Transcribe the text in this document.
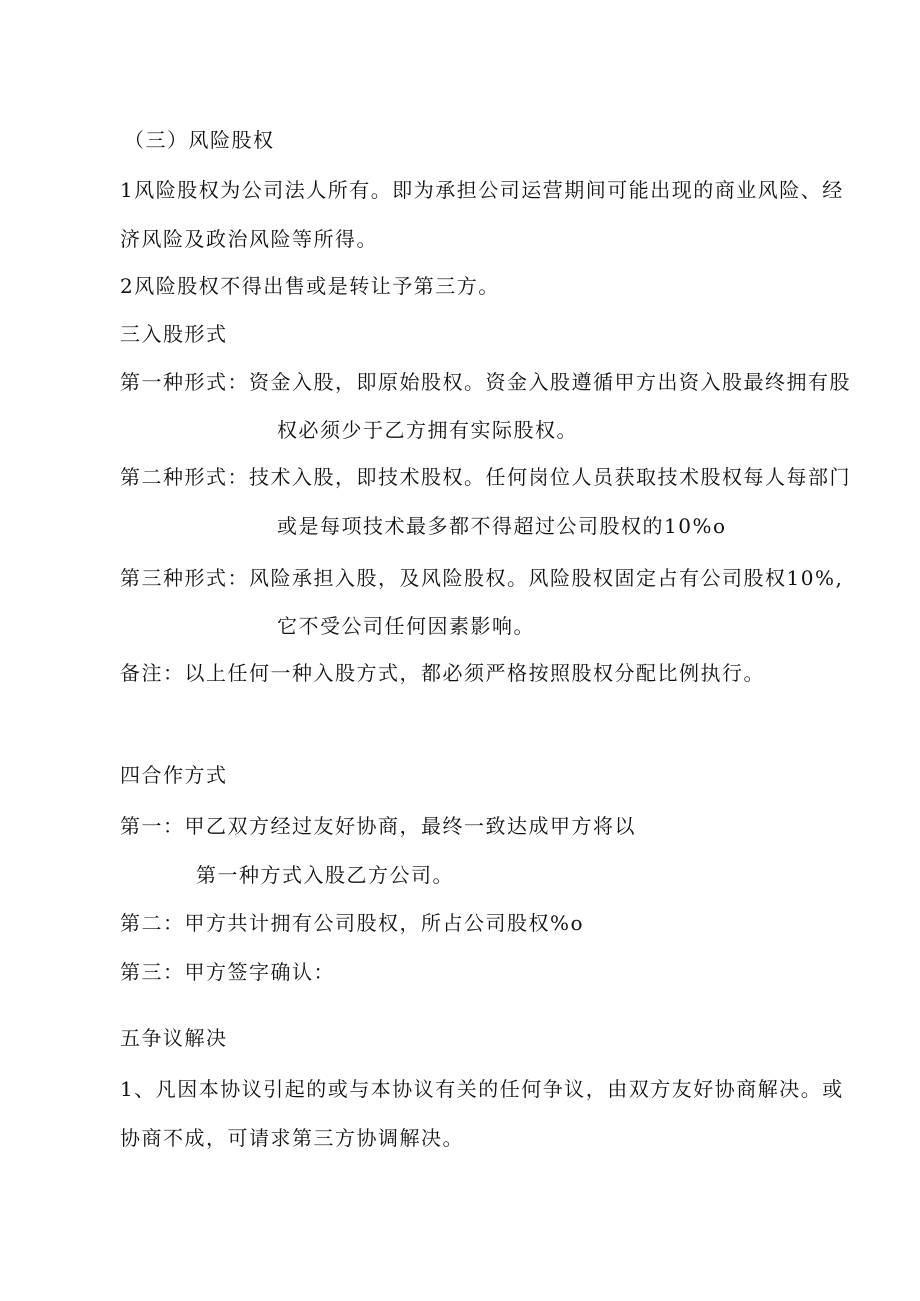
（三）风险股权
1风险股权为公司法人所有。即为承担公司运营期间可能出现的商业风险、经
济风险及政治风险等所得。
2风险股权不得出售或是转让予第三方。
三入股形式
第一种形式：资金入股，即原始股权。资金入股遵循甲方出资入股最终拥有股
权必须少于乙方拥有实际股权。
第二种形式：技术入股，即技术股权。任何岗位人员获取技术股权每人每部门
或是每项技术最多都不得超过公司股权的10%o
第三种形式：风险承担入股，及风险股权。风险股权固定占有公司股权10%,
它不受公司任何因素影响。
备注：以上任何一种入股方式，都必须严格按照股权分配比例执行。
四合作方式
第一：甲乙双方经过友好协商，最终一致达成甲方将以
第一种方式入股乙方公司。
第二：甲方共计拥有公司股权，所占公司股权%o
第三：甲方签字确认：
五争议解决
1、凡因本协议引起的或与本协议有关的任何争议，由双方友好协商解决。或
协商不成，可请求第三方协调解决。
